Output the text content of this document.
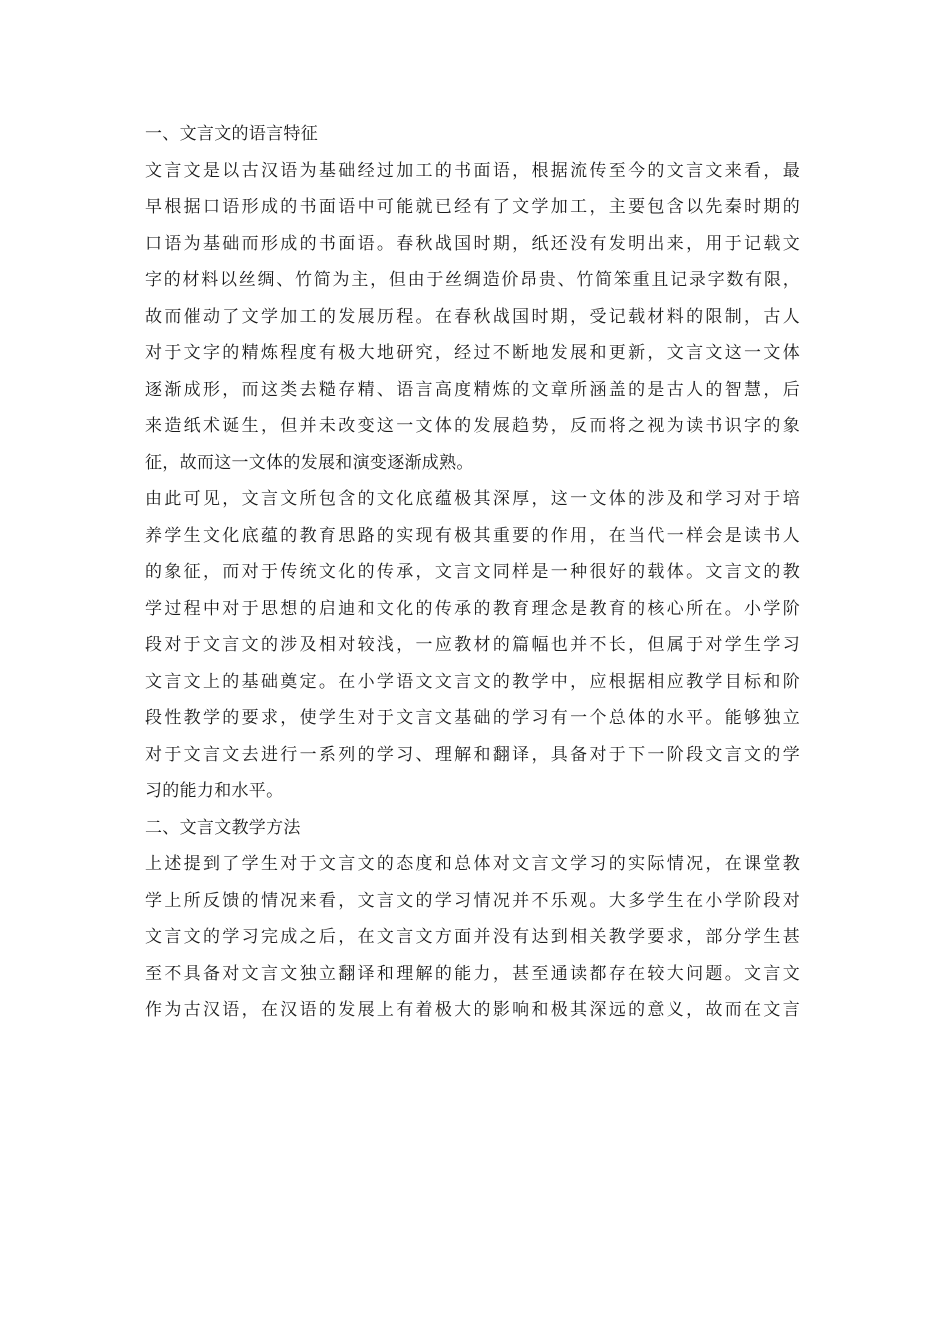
一、文言文的语言特征
文言文是以古汉语为基础经过加工的书面语，根据流传至今的文言文来看，最
早根据口语形成的书面语中可能就已经有了文学加工，主要包含以先秦时期的
口语为基础而形成的书面语。春秋战国时期，纸还没有发明出来，用于记载文
字的材料以丝绸、竹简为主，但由于丝绸造价昂贵、竹简笨重且记录字数有限，
故而催动了文学加工的发展历程。在春秋战国时期，受记载材料的限制，古人
对于文字的精炼程度有极大地研究，经过不断地发展和更新，文言文这一文体
逐渐成形，而这类去糙存精、语言高度精炼的文章所涵盖的是古人的智慧，后
来造纸术诞生，但并未改变这一文体的发展趋势，反而将之视为读书识字的象
征，故而这一文体的发展和演变逐渐成熟。
由此可见，文言文所包含的文化底蕴极其深厚，这一文体的涉及和学习对于培
养学生文化底蕴的教育思路的实现有极其重要的作用，在当代一样会是读书人
的象征，而对于传统文化的传承，文言文同样是一种很好的载体。文言文的教
学过程中对于思想的启迪和文化的传承的教育理念是教育的核心所在。小学阶
段对于文言文的涉及相对较浅，一应教材的篇幅也并不长，但属于对学生学习
文言文上的基础奠定。在小学语文文言文的教学中，应根据相应教学目标和阶
段性教学的要求，使学生对于文言文基础的学习有一个总体的水平。能够独立
对于文言文去进行一系列的学习、理解和翻译，具备对于下一阶段文言文的学
习的能力和水平。
二、文言文教学方法
上述提到了学生对于文言文的态度和总体对文言文学习的实际情况，在课堂教
学上所反馈的情况来看，文言文的学习情况并不乐观。大多学生在小学阶段对
文言文的学习完成之后，在文言文方面并没有达到相关教学要求，部分学生甚
至不具备对文言文独立翻译和理解的能力，甚至通读都存在较大问题。文言文
作为古汉语，在汉语的发展上有着极大的影响和极其深远的意义，故而在文言
